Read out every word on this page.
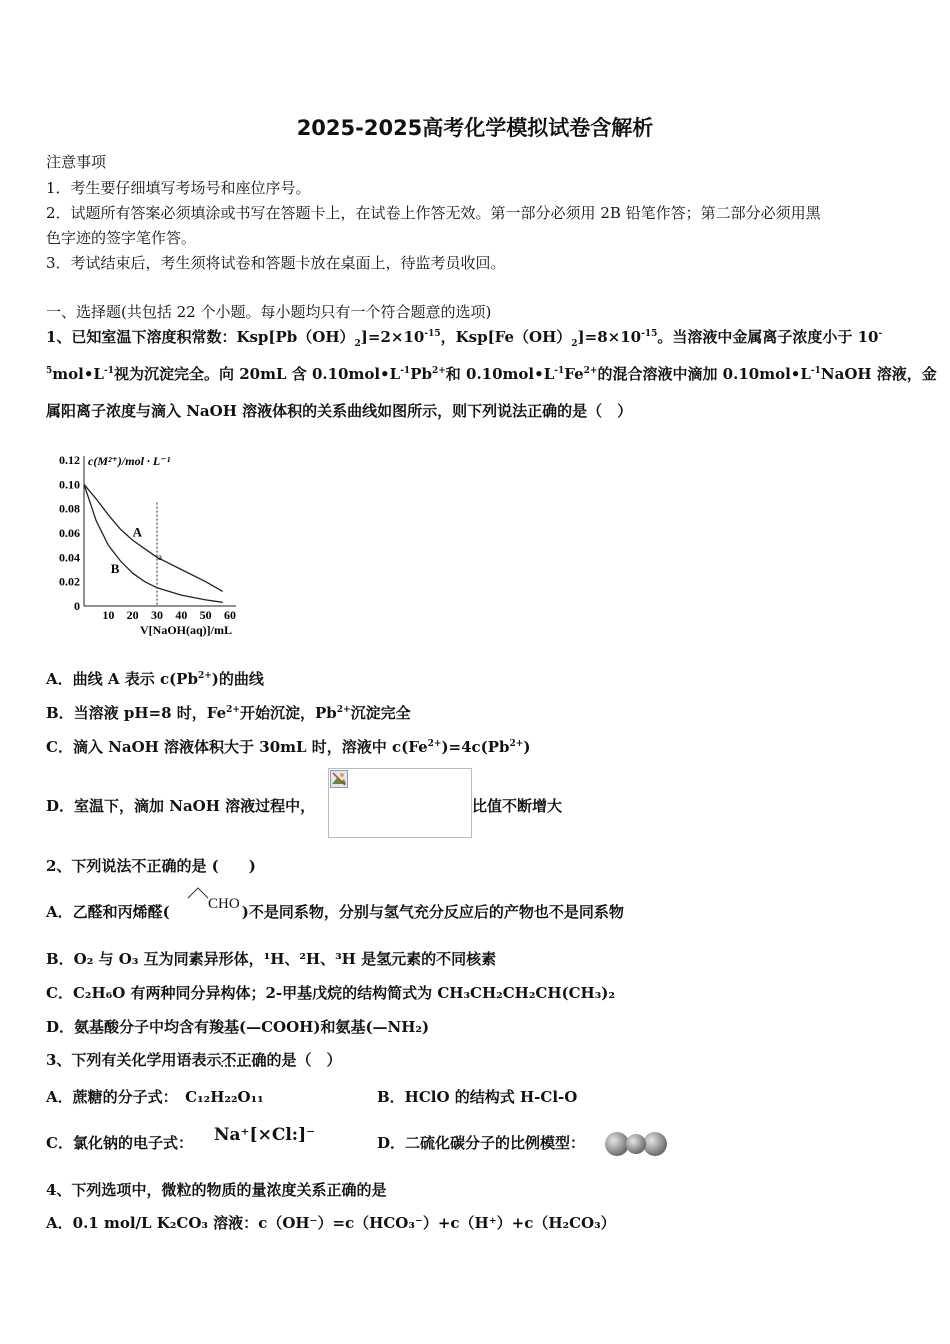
2025-2025高考化学模拟试卷含解析
注意事项
1．考生要仔细填写考场号和座位序号。
2．试题所有答案必须填涂或书写在答题卡上，在试卷上作答无效。第一部分必须用 2B 铅笔作答；第二部分必须用黑
色字迹的签字笔作答。
3．考试结束后，考生须将试卷和答题卡放在桌面上，待监考员收回。
一、选择题(共包括 22 个小题。每小题均只有一个符合题意的选项)
1、已知室温下溶度积常数：$Ksp[Pb(OH)_2]=2\times 10^{-15}$，$Ksp[Fe(OH)_2]=8\times 10^{-15}$。当溶液中金属离子浓度小于 10-
$^5mol•L^{-1}$视为沉淀完全。向 20mL 含 $0.10mol•L^{-1}Pb^{2+}$和 $0.10mol•L^{-1}Fe^{2+}$的混合溶液中滴加 $0.10mol•L^{-1}NaOH$ 溶液，金
属阳离子浓度与滴入 NaOH 溶液体积的关系曲线如图所示，则下列说法正确的是（　）
0
0.02
0.04
0.06
0.08
0.10
0.12
10 20 30 40 50 60
c(M²⁺)/mol · L⁻¹
V[NaOH(aq)]/mL
A
B
a
A．曲线 A 表示 $c(Pb^{2+})$的曲线
B．当溶液 pH=8 时，$Fe^{2+}$开始沉淀，$Pb^{2+}$沉淀完全
C．滴入 NaOH 溶液体积大于 30mL 时，溶液中 $c(Fe^{2+})=4c(Pb^{2+})$
D．室温下，滴加 NaOH 溶液过程中，	比值不断增大
2、下列说法不正确的是 (　　)
A．乙醛和丙烯醛(	)不是同系物，分别与氢气充分反应后的产物也不是同系物
CHO
B．O₂ 与 O₃ 互为同素异形体，¹H、²H、³H 是氢元素的不同核素
C．C₂H₆O 有两种同分异构体；2-甲基戊烷的结构简式为 CH₃CH₂CH₂CH(CH₃)₂
D．氨基酸分子中均含有羧基(—COOH)和氨基(—NH₂)
3、下列有关化学用语表示不正确的是（　）
A．蔗糖的分子式：　C₁₂H₂₂O₁₁	B．HClO 的结构式 H-Cl-O
C．氯化钠的电子式： Na⁺[×Cl:]⁻	D．二硫化碳分子的比例模型：
4、下列选项中，微粒的物质的量浓度关系正确的是
A．0.1 mol/L K₂CO₃ 溶液：c（OH⁻）=c（HCO₃⁻）+c（H⁺）+c（H₂CO₃）
